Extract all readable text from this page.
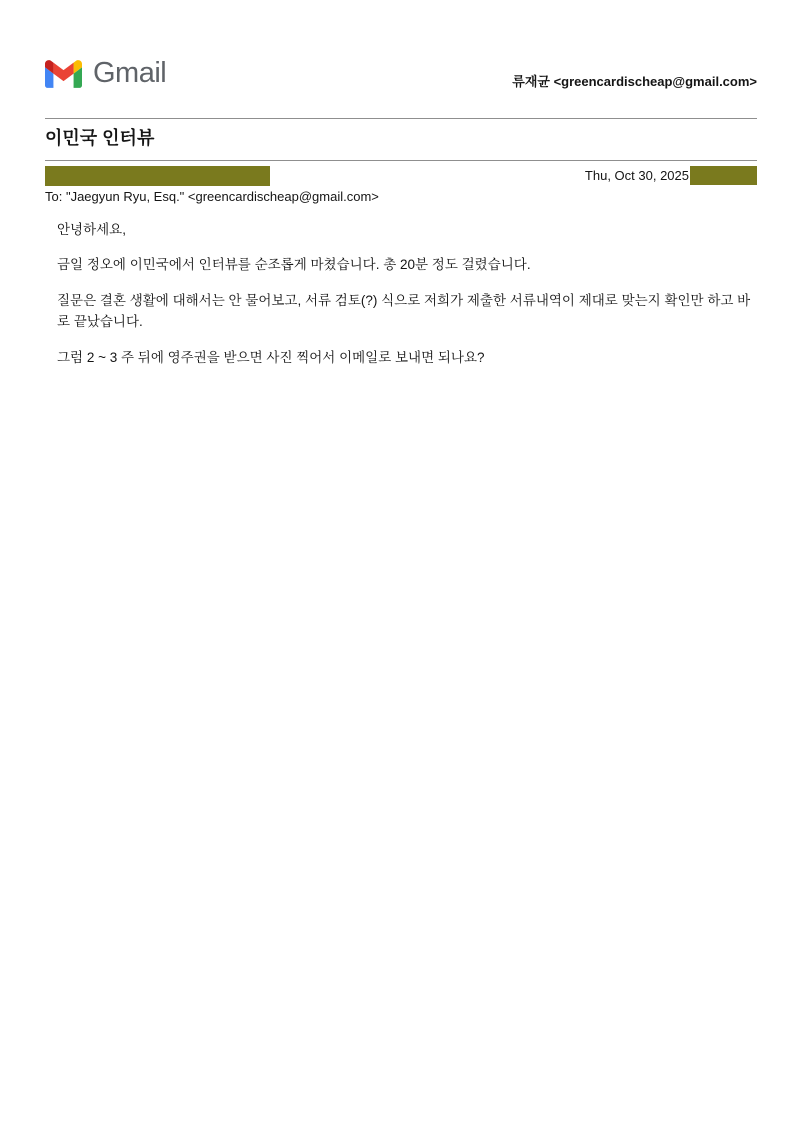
Gmail	류재균 <greencardischeap@gmail.com>
이민국 인터뷰
Thu, Oct 30, 2025
To: "Jaegyun Ryu, Esq." <greencardischeap@gmail.com>

안녕하세요,

금일 정오에 이민국에서 인터뷰를 순조롭게 마쳤습니다. 총 20분 정도 걸렸습니다.

질문은 결혼 생활에 대해서는 안 물어보고, 서류 검토(?) 식으로 저희가 제출한 서류내역이 제대로 맞는지 확인만 하고 바로 끝났습니다.

그럼 2 ~ 3 주 뒤에 영주권을 받으면 사진 찍어서 이메일로 보내면 되나요?
